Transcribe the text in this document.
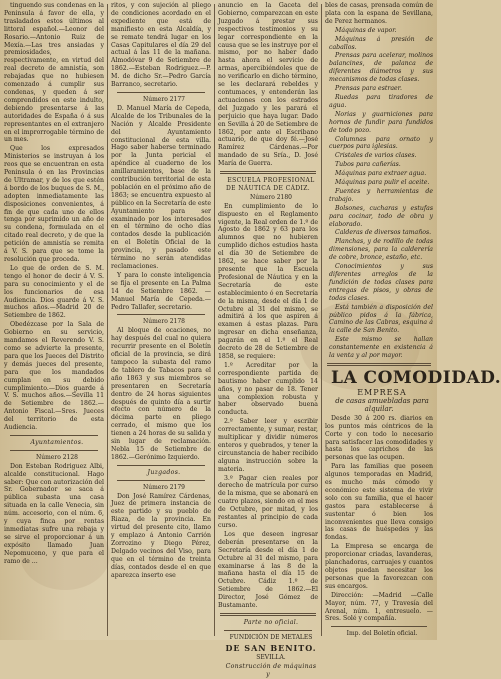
tinguendo sus condenas en la Peninsula á favor de ella, y trasladados estos últimos al littoral español.—Leonor del Rosario.—Antonio Ruiz de Mexía.—Las tres ansiadas y premiosidades, respectivamente, en virtud del real decreto de amnistía, son rebajadas que no hubiesen comenzado á cumplir sus condenas, y queden á ser comprendidos en este indulto, debiendo presentarse á las autoridades de España ó á sus representantes en el extranjero en el improrrogable término de un mes.

Que los expresados Ministerios se instruyan á los reos que se encuentran en esta Peninsula ó en las Provincias de Ultramar, y de los que estén á bordo de los buques de S. M., adopten inmediatamente las disposiciones convenientes, á fin de que cada uno de ellos tenga por suprimido un año de su condena, formulada en el citado real decreto, y de que la petición de amnistía se remita á V. S. para que se tome la resolución que proceda.

Lo que de orden de S. M. tengo el honor de decir á V. S. para su conocimiento y el de los funcionarios de esa Audiencia. Dios guarde á V. S. muchos años.—Madrid 20 de Setiembre de 1862.

Obedézcase por la Sala de Gobierno en su servicio, mandamos el Reverendo V. S. como se advierte la presente, para que los Jueces del Distrito y demás jueces del presente, para que los mandados cumplan en su debido cumplimiento.—Dios guarde á V. S. muchos años.—Sevilla 11 de Setiembre de 1862.—Antonio Fiscal.—Sres. Jueces del territorio de esta Audiencia.

Ayuntamientos.

Número 2128

Don Esteban Rodriguez Albi, alcalde constitucional. Hago saber: Que con autorización del Sr. Gobernador se saca á pública subasta una casa situada en la calle Venecia, sin núm. accesorio, con el núm. 6, y cuya finca por rentas inmediatas sufre una rebaja y se sirve el proporcionar á un expósito llamado Juan Nepomuceno, y que para el ramo de ...

ritos, y con sujeción al pliego de condiciones acordado en el expediente que está de manifiesto en esta Alcaldía, y se remate tendrá lugar en los Casas Capitulares el día 29 del actual á las 11 de la mañana. Almodóvar 9 de Setiembre de 1862.—Esteban Rodriguez.—P. M. de dicho Sr.—Pedro García Barranco, secretario.

Número 2177

D. Manuel María de Cepeda, Alcalde de los Tribunales de la Nación y Alcalde Presidente del Ayuntamiento constitucional de esta villa. Hago saber haberse terminado por la Junta pericial el apéndice al cuaderno de los amillaramientos, base de la contribución territorial de esta población en el próximo año de 1863; se encuentra expuesto al público en la Secretaría de este Ayuntamiento para ser examinado por los interesados en el término de ocho días contados desde la publicación en el Boletín Oficial de la provincia, y pasado este término no serán atendidas reclamaciones.

Y para lo conste inteligencia se fija el presente en La Palma 14 de Setiembre 1862. —Manuel María de Cepeda.—Pedro Tallafer, secretario.

Número 2178

Al bloque de ocaciones, no hay después del cual no quiera recurrir presente en el Boletín oficial de la provincia, se dirá tampoco la subasta del ramo de tablero de Tabacos para el año 1863 y sus miembros se presentaren en Secretaría dentro de 24 horas siguientes después de quinto día a surtir efecto con número de la décima parte en pliego cerrado, el mismo que los tienen a 24 horas de su salida y sin lugar de reclamación. Nebla 15 de Setiembre de 1862.—Gerónimo Izquierdo.

Juzgados.

Número 2179

Don José Ramírez Cárdenas, Juez de primera instancia de este partido y su pueblo de Riaza, de la provincia. En virtud del presente cito, llamo y emplazo á Antonio Carrión Zorrozino y Diego Pérez, Delgado vecinos del Viso, para que en el término de treinta días, contados desde el en que aparezca inserto ese

anuncio en la Gaceta del Gobierno, comparezcan en este Juzgado á prestar sus respectivos testimonios y su legar correspondiente en la causa que se les instruye por el mismo, por no haber dado hasta ahora el servicio de armas, apercibiéndoles que de no verificarlo en dicho término, se les declarará rebeldes y contumaces, y entenderán las actuaciones con los estrados del Juzgado y les parará el perjuicio que haya lugar. Dado en Sevilla á 20 de Setiembre de 1862, por ante el Escribano actuario, de que doy fé.—José Ramírez Cárdenas.—Por mandado de su Sría., D. José María de Guerra.

ESCUELA PROFESIONAL DE NÁUTICA DE CÁDIZ.

Número 2180

En cumplimiento de lo dispuesto en el Reglamento vigente, la Real orden de 1.º de Agosto de 1862 y 63 para los alumnos que no hubieren cumplido dichos estudios hasta el día 30 de Setiembre de 1862, se hace saber por la presente que la Escuela Profesional de Náutica y en la Secretaría de este establecimiento ó en Secretaría de la misma, desde el día 1 de Octubre al 31 del mismo, se admitirá á los que aspiren á examen á estas plazas. Para ingresar en dicha enseñanza, pagarán en el 1.º el Real decreto de 28 de Setiembre de 1858, se requiere:

1.º Acreditar por la correspondiente partida de bautismo haber cumplido 14 años, y no pasar de 18. Tener una complexion robusta y haber observado buena conducta.

2.º Saber leer y escribir correctamente, y sumar, restar, multiplicar y dividir números enteros y quebrados, y tener la circunstancia de haber recibido alguna instrucción sobre la materia.

3.º Pagar cien reales por derecho de matrícula por curso de la misma, que se abonará en cuatro plazos, siendo en el mes de Octubre, por mitad, y los restantes al principio de cada curso.

Los que deseen ingresar deberán presentarse en la Secretaría desde el día 1 de Octubre al 31 del mismo, para examinarse á las 8 de la mañana hasta el día 15 de Octubre. Cádiz 1.º de Setiembre de 1862.—El Director, José Gómez de Bustamante.

Parte no oficial.

FUNDICIÓN DE METALES

DE SAN BENITO.

SEVILLA.

Construcción de máquinas y

bles de casas, prensada común de plata con la espana de Sevillana, de Perez hermanos.

Máquinas de vapor.

Máquinas á presión de caballos.

Prensas para acelerar, molinos balancines, de palanca de diferentes diámetros y sus mecanismos de todas clases.

Prensas para estraer.

Ruedas para tiradores de agua.

Norias y guarniciones para hornos de fundir para fundidos de todo pozo.

Columnas para ornato y cuerpos para iglesias.

Cristales de varios clases.

Tubos para cañerías.

Máquinas para extraer agua.

Máquinas para pulir el aceite.

Fuentes y herramientas de trabajo.

Bolsones, cucharas y estufas para cocinar, todo de obra y elaborado.

Calderas de diversos tamaños.

Planchas, y de rodillo de todas dimensiones, para la calderería de cobre, bronce, estaño, etc.

Conocimientos y sus diferentes arreglos de la fundición de todas clases para entregas de pisos, y obras de todas clases.

Está también a disposición del público pidos á la fábrica, Camino de las Cabras, esquina á la calle de San Benito.

Este mismo se hallan constantemente en existencia á la venta y al por mayor.

LA COMODIDAD.

EMPRESA

de casas amuebladas para alquilar.

Desde 30 á 200 rs. diarios en los puntos más céntricos de la Corte y con todo lo necesario para satisfacer las comodidades y hasta los caprichos de las personas que las ocupen.

Para las familias que poseen algunos temporadas en Madrid, es mucho más cómodo y económico este sistema de vivir solo con su familia, que el hacer gastos para establecerse á sustentar ó bien los inconvenientes que lleva consigo las casas de huéspedes y las fondas.

La Empresa se encarga de proporcionar criadas, lavanderas, planchadoras, carruajes y cuantos objetos puedan necesitar los personas que la favorezcan con sus encargos.

Dirección: —Madrid —Calle Mayor, núm. 77, y Travesía del Arenal, núm. 1, entresuelo. —Sres. Solé y compañía.

Imp. del Boletín oficial.
